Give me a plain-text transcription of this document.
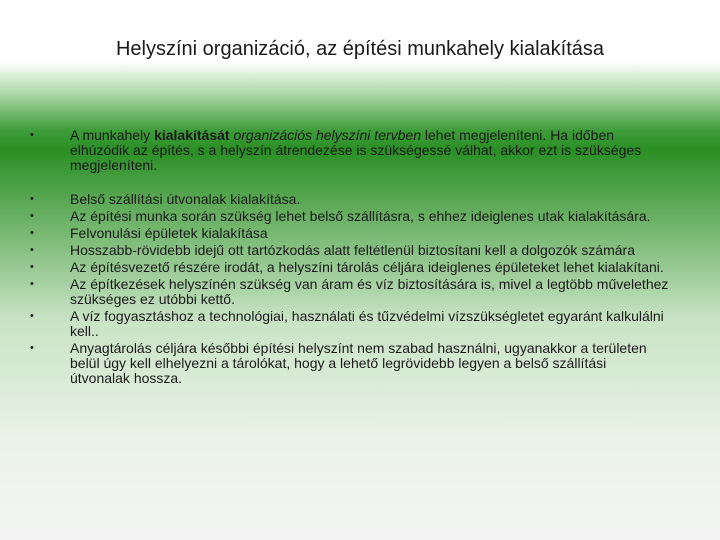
Helyszíni organizáció, az építési munkahely kialakítása
•	A munkahely kialakítását organizációs helyszíni tervben lehet megjeleníteni. Ha időben elhúzódik az építés, s a helyszín átrendezése is szükségessé válhat, akkor ezt is szükséges megjeleníteni.
•	Belső szállítási útvonalak kialakítása.
•	Az építési munka során szükség lehet belső szállításra, s ehhez ideiglenes utak kialakítására.
•	Felvonulási épületek kialakítása
•	Hosszabb-rövidebb idejű ott tartózkodás alatt feltétlenül biztosítani kell a dolgozók számára
•	Az építésvezető részére irodát, a helyszíni tárolás céljára ideiglenes épületeket lehet kialakítani.
•	Az építkezések helyszínén szükség van áram és víz biztosítására is, mivel a legtöbb művelethez szükséges ez utóbbi kettő.
•	A víz fogyasztáshoz a technológiai, használati és tűzvédelmi vízszükségletet egyaránt kalkulálni kell..
•	Anyagtárolás céljára későbbi építési helyszínt nem szabad használni, ugyanakkor a területen belül úgy kell elhelyezni a tárolókat, hogy a lehető legrövidebb legyen a belső szállítási útvonalak hossza.
